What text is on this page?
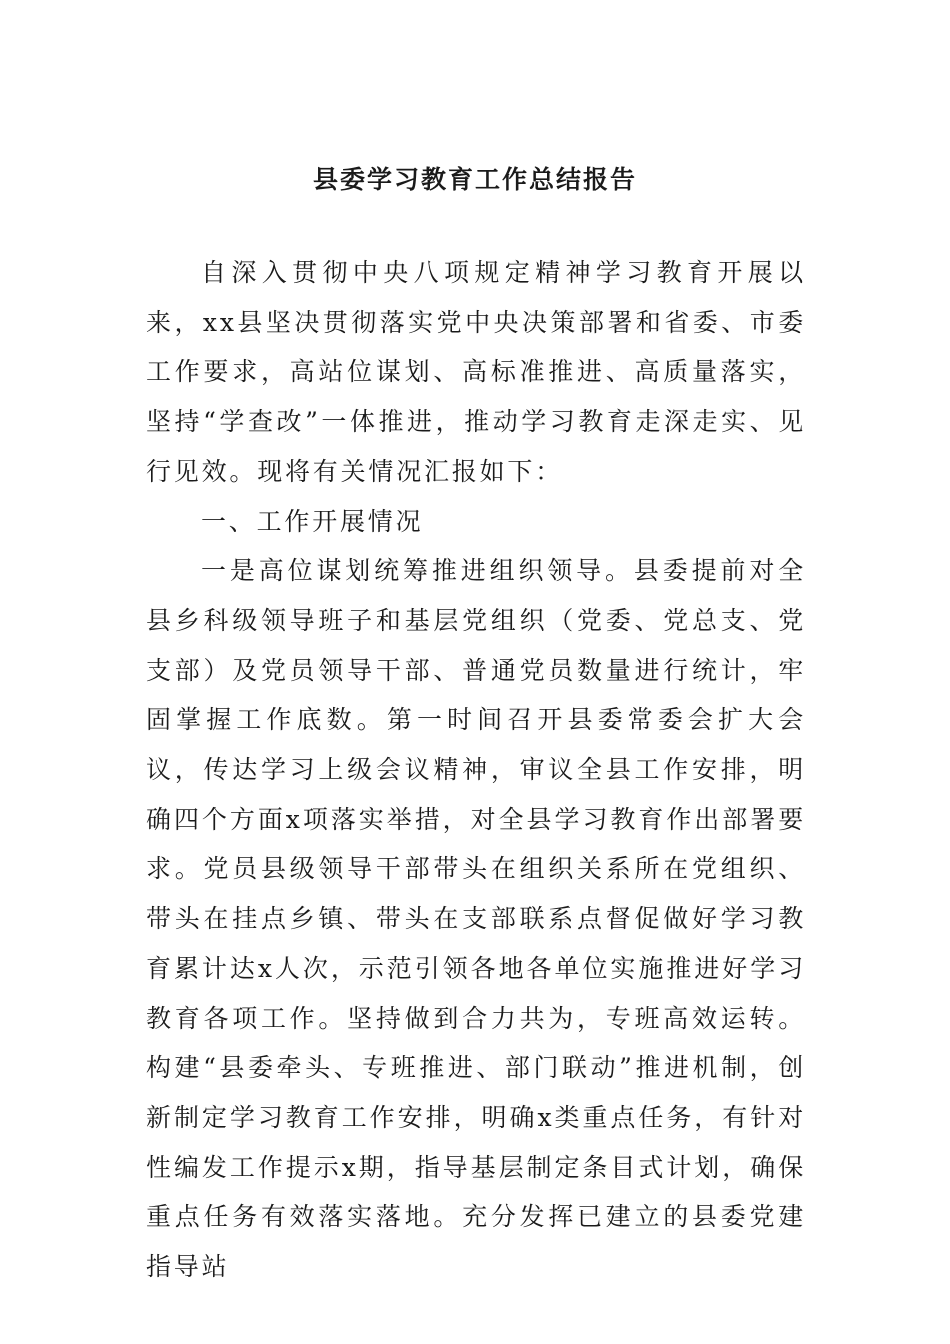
县委学习教育工作总结报告

自深入贯彻中央八项规定精神学习教育开展以来，xx县坚决贯彻落实党中央决策部署和省委、市委工作要求，高站位谋划、高标准推进、高质量落实，坚持“学查改”一体推进，推动学习教育走深走实、见行见效。现将有关情况汇报如下：

一、工作开展情况

一是高位谋划统筹推进组织领导。县委提前对全县乡科级领导班子和基层党组织（党委、党总支、党支部）及党员领导干部、普通党员数量进行统计，牢固掌握工作底数。第一时间召开县委常委会扩大会议，传达学习上级会议精神，审议全县工作安排，明确四个方面x项落实举措，对全县学习教育作出部署要求。党员县级领导干部带头在组织关系所在党组织、带头在挂点乡镇、带头在支部联系点督促做好学习教育累计达x人次，示范引领各地各单位实施推进好学习教育各项工作。坚持做到合力共为，专班高效运转。构建“县委牵头、专班推进、部门联动”推进机制，创新制定学习教育工作安排，明确x类重点任务，有针对性编发工作提示x期，指导基层制定条目式计划，确保重点任务有效落实落地。充分发挥已建立的县委党建指导站
